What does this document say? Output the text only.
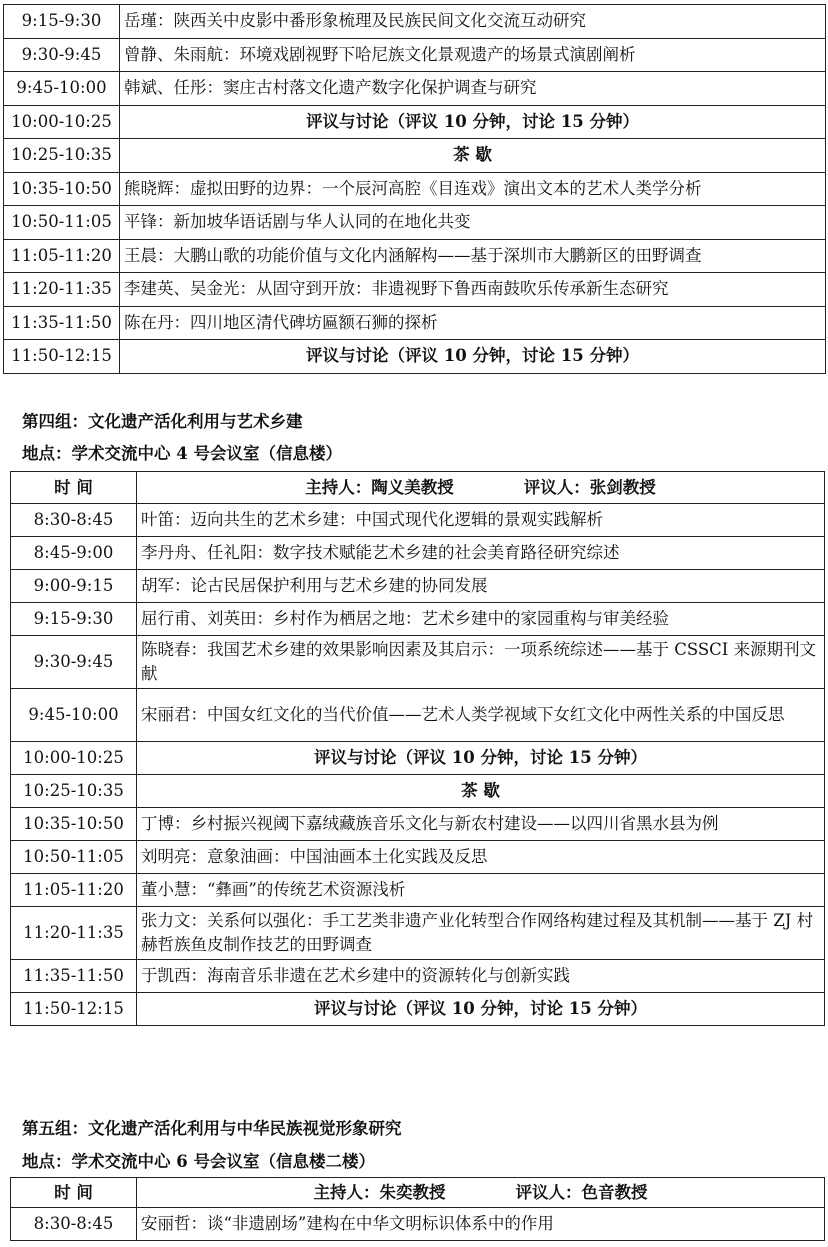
9:15-9:30	岳瑾：陕西关中皮影中番形象梳理及民族民间文化交流互动研究
9:30-9:45	曾静、朱雨航：环境戏剧视野下哈尼族文化景观遗产的场景式演剧阐析
9:45-10:00	韩斌、任彤：窦庄古村落文化遗产数字化保护调查与研究
10:00-10:25	评议与讨论（评议 10 分钟，讨论 15 分钟）
10:25-10:35	茶 歇
10:35-10:50	熊晓辉：虚拟田野的边界：一个辰河高腔《目连戏》演出文本的艺术人类学分析
10:50-11:05	平锋：新加坡华语话剧与华人认同的在地化共变
11:05-11:20	王晨：大鹏山歌的功能价值与文化内涵解构——基于深圳市大鹏新区的田野调查
11:20-11:35	李建英、吴金光：从固守到开放：非遗视野下鲁西南鼓吹乐传承新生态研究
11:35-11:50	陈在丹：四川地区清代碑坊匾额石狮的探析
11:50-12:15	评议与讨论（评议 10 分钟，讨论 15 分钟）
第四组：文化遗产活化利用与艺术乡建
地点：学术交流中心 4 号会议室（信息楼）
时 间	主持人：陶义美教授 评议人：张剑教授
8:30-8:45	叶笛：迈向共生的艺术乡建：中国式现代化逻辑的景观实践解析
8:45-9:00	李丹舟、任礼阳：数字技术赋能艺术乡建的社会美育路径研究综述
9:00-9:15	胡军：论古民居保护利用与艺术乡建的协同发展
9:15-9:30	屈行甫、刘英田：乡村作为栖居之地：艺术乡建中的家园重构与审美经验
9:30-9:45	陈晓春：我国艺术乡建的效果影响因素及其启示：一项系统综述——基于 CSSCI 来源期刊文献
9:45-10:00	宋丽君：中国女红文化的当代价值——艺术人类学视域下女红文化中两性关系的中国反思
10:00-10:25	评议与讨论（评议 10 分钟，讨论 15 分钟）
10:25-10:35	茶 歇
10:35-10:50	丁博：乡村振兴视阈下嘉绒藏族音乐文化与新农村建设——以四川省黑水县为例
10:50-11:05	刘明亮：意象油画：中国油画本土化实践及反思
11:05-11:20	董小慧：“彝画”的传统艺术资源浅析
11:20-11:35	张力文：关系何以强化：手工艺类非遗产业化转型合作网络构建过程及其机制——基于 ZJ 村赫哲族鱼皮制作技艺的田野调查
11:35-11:50	于凯西：海南音乐非遗在艺术乡建中的资源转化与创新实践
11:50-12:15	评议与讨论（评议 10 分钟，讨论 15 分钟）
第五组：文化遗产活化利用与中华民族视觉形象研究
地点：学术交流中心 6 号会议室（信息楼二楼）
时 间	主持人：朱奕教授 评议人：色音教授
8:30-8:45	安丽哲：谈“非遗剧场”建构在中华文明标识体系中的作用
